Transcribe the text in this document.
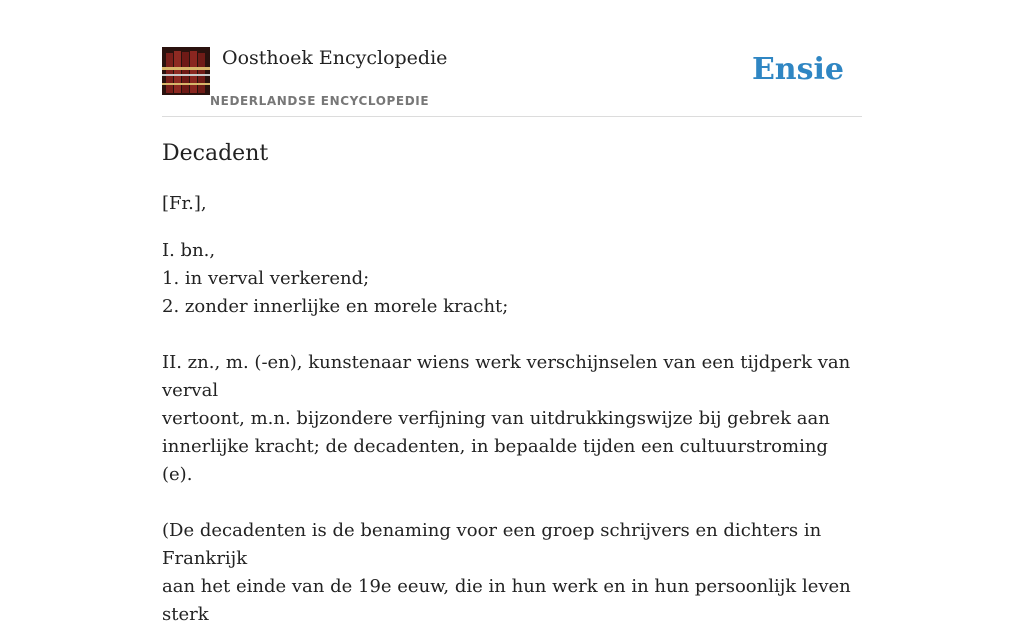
Oosthoek Encyclopedie
NEDERLANDSE ENCYCLOPEDIE
Ensie
Decadent

[Fr.],

I. bn.,

1. in verval verkerend;

2. zonder innerlijke en morele kracht;

II. zn., m. (-en), kunstenaar wiens werk verschijnselen van een tijdperk van verval

vertoont, m.n. bijzondere verfijning van uitdrukkingswijze bij gebrek aan

innerlijke kracht; de decadenten, in bepaalde tijden een cultuurstroming (e).

(De decadenten is de benaming voor een groep schrijvers en dichters in Frankrijk

aan het einde van de 19e eeuw, die in hun werk en in hun persoonlijk leven sterk
